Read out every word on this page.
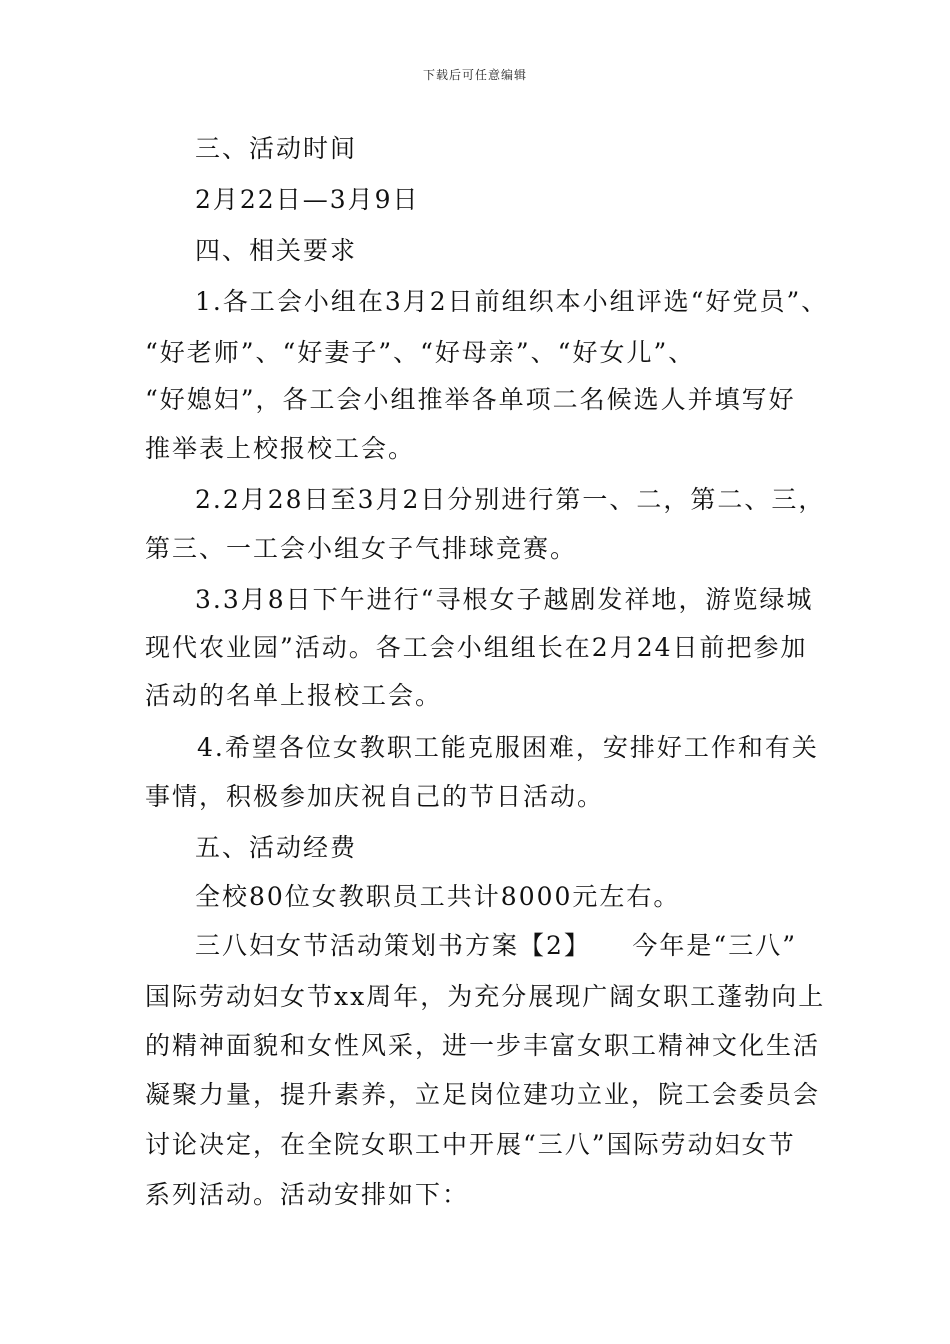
下载后可任意编辑
三、活动时间
2月22日—3月9日
四、相关要求
1.各工会小组在3月2日前组织本小组评选“好党员”、
“好老师”、“好妻子”、“好母亲”、“好女儿”、
“好媳妇”，各工会小组推举各单项二名候选人并填写好
推举表上校报校工会。
2.2月28日至3月2日分别进行第一、二，第二、三，
第三、一工会小组女子气排球竞赛。
3.3月8日下午进行“寻根女子越剧发祥地，游览绿城
现代农业园”活动。各工会小组组长在2月24日前把参加
活动的名单上报校工会。
4.希望各位女教职工能克服困难，安排好工作和有关
事情，积极参加庆祝自己的节日活动。
五、活动经费
全校80位女教职员工共计8000元左右。
三八妇女节活动策划书方案【2】　　今年是“三八”
国际劳动妇女节xx周年，为充分展现广阔女职工蓬勃向上
的精神面貌和女性风采，进一步丰富女职工精神文化生活
凝聚力量，提升素养，立足岗位建功立业，院工会委员会
讨论决定，在全院女职工中开展“三八”国际劳动妇女节
系列活动。活动安排如下：
